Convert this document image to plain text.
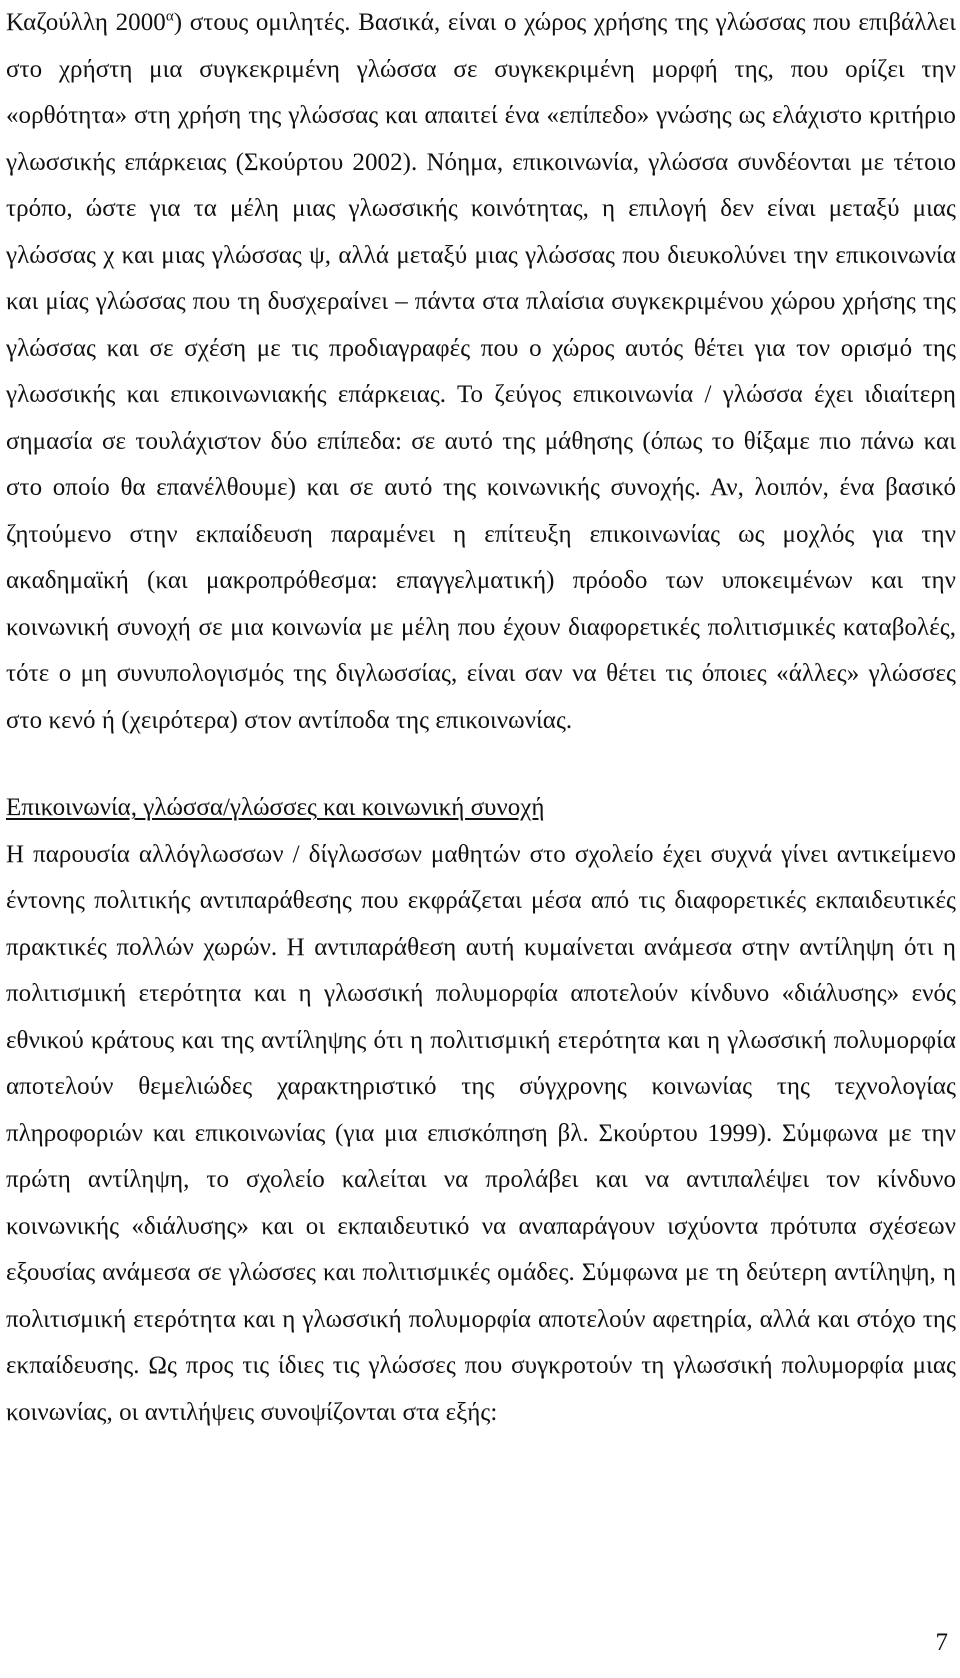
Καζούλλη $2000^\alpha$) στους ομιλητές. Βασικά, είναι ο χώρος χρήσης της γλώσσας που επιβάλλει στο χρήστη μια συγκεκριμένη γλώσσα σε συγκεκριμένη μορφή της, που ορίζει την «ορθότητα» στη χρήση της γλώσσας και απαιτεί ένα «επίπεδο» γνώσης ως ελάχιστο κριτήριο γλωσσικής επάρκειας (Σκούρτου 2002). Νόημα, επικοινωνία, γλώσσα συνδέονται με τέτοιο τρόπο, ώστε για τα μέλη μιας γλωσσικής κοινότητας, η επιλογή δεν είναι μεταξύ μιας γλώσσας χ και μιας γλώσσας ψ, αλλά μεταξύ μιας γλώσσας που διευκολύνει την επικοινωνία και μίας γλώσσας που τη δυσχεραίνει – πάντα στα πλαίσια συγκεκριμένου χώρου χρήσης της γλώσσας και σε σχέση με τις προδιαγραφές που ο χώρος αυτός θέτει για τον ορισμό της γλωσσικής και επικοινωνιακής επάρκειας. Το ζεύγος επικοινωνία / γλώσσα έχει ιδιαίτερη σημασία σε τουλάχιστον δύο επίπεδα: σε αυτό της μάθησης (όπως το θίξαμε πιο πάνω και στο οποίο θα επανέλθουμε) και σε αυτό της κοινωνικής συνοχής. Αν, λοιπόν, ένα βασικό ζητούμενο στην εκπαίδευση παραμένει η επίτευξη επικοινωνίας ως μοχλός για την ακαδημαϊκή (και μακροπρόθεσμα: επαγγελματική) πρόοδο των υποκειμένων και την κοινωνική συνοχή σε μια κοινωνία με μέλη που έχουν διαφορετικές πολιτισμικές καταβολές, τότε ο μη συνυπολογισμός της διγλωσσίας, είναι σαν να θέτει τις όποιες «άλλες» γλώσσες στο κενό ή (χειρότερα) στον αντίποδα της επικοινωνίας.

Επικοινωνία, γλώσσα/γλώσσες και κοινωνική συνοχή

Η παρουσία αλλόγλωσσων / δίγλωσσων μαθητών στο σχολείο έχει συχνά γίνει αντικείμενο έντονης πολιτικής αντιπαράθεσης που εκφράζεται μέσα από τις διαφορετικές εκπαιδευτικές πρακτικές πολλών χωρών. Η αντιπαράθεση αυτή κυμαίνεται ανάμεσα στην αντίληψη ότι η πολιτισμική ετερότητα και η γλωσσική πολυμορφία αποτελούν κίνδυνο «διάλυσης» ενός εθνικού κράτους και της αντίληψης ότι η πολιτισμική ετερότητα και η γλωσσική πολυμορφία αποτελούν θεμελιώδες χαρακτηριστικό της σύγχρονης κοινωνίας της τεχνολογίας πληροφοριών και επικοινωνίας (για μια επισκόπηση βλ. Σκούρτου 1999). Σύμφωνα με την πρώτη αντίληψη, το σχολείο καλείται να προλάβει και να αντιπαλέψει τον κίνδυνο κοινωνικής «διάλυσης» και οι εκπαιδευτικό να αναπαράγουν ισχύοντα πρότυπα σχέσεων εξουσίας ανάμεσα σε γλώσσες και πολιτισμικές ομάδες. Σύμφωνα με τη δεύτερη αντίληψη, η πολιτισμική ετερότητα και η γλωσσική πολυμορφία αποτελούν αφετηρία, αλλά και στόχο της εκπαίδευσης. Ως προς τις ίδιες τις γλώσσες που συγκροτούν τη γλωσσική πολυμορφία μιας κοινωνίας, οι αντιλήψεις συνοψίζονται στα εξής:

7
